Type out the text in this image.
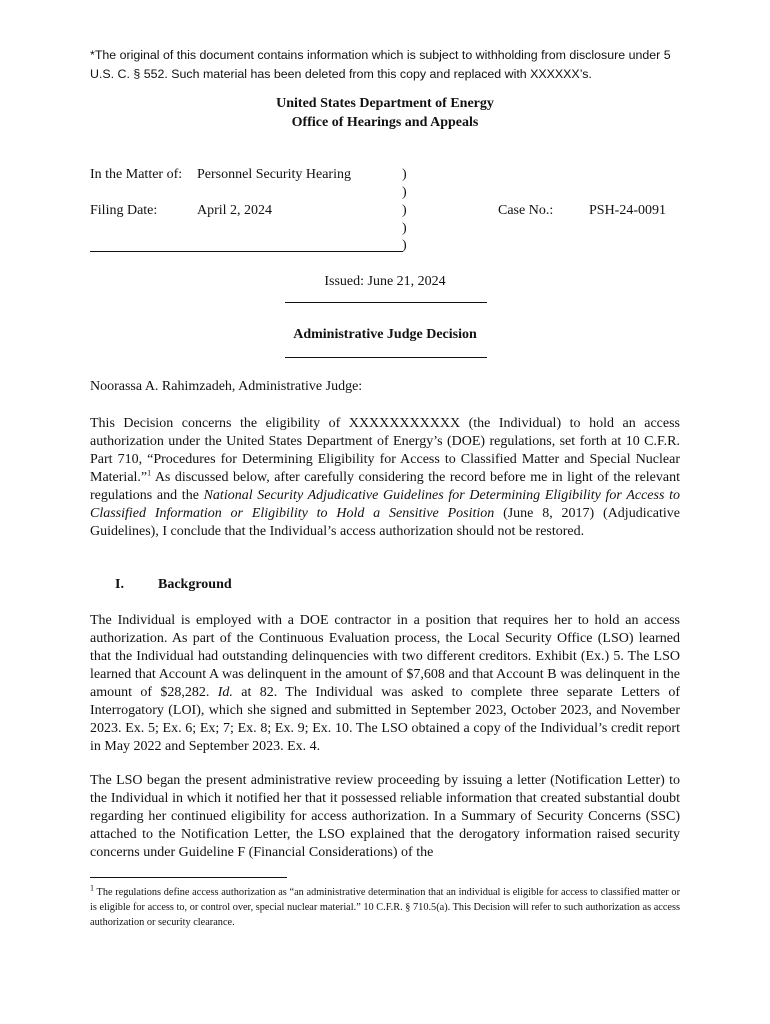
*The original of this document contains information which is subject to withholding from disclosure under 5 U.S. C. § 552. Such material has been deleted from this copy and replaced with XXXXXX’s.
United States Department of Energy
Office of Hearings and Appeals
In the Matter of: Personnel Security Hearing
Filing Date:	April 2, 2024	Case No.:	PSH-24-0091
)
)
)
)
)
Issued: June 21, 2024
Administrative Judge Decision
Noorassa A. Rahimzadeh, Administrative Judge:

This Decision concerns the eligibility of XXXXXXXXXXX (the Individual) to hold an access authorization under the United States Department of Energy’s (DOE) regulations, set forth at 10 C.F.R. Part 710, “Procedures for Determining Eligibility for Access to Classified Matter and Special Nuclear Material.”$^1$ As discussed below, after carefully considering the record before me in light of the relevant regulations and the National Security Adjudicative Guidelines for Determining Eligibility for Access to Classified Information or Eligibility to Hold a Sensitive Position (June 8, 2017) (Adjudicative Guidelines), I conclude that the Individual’s access authorization should not be restored.

I. Background

The Individual is employed with a DOE contractor in a position that requires her to hold an access authorization. As part of the Continuous Evaluation process, the Local Security Office (LSO) learned that the Individual had outstanding delinquencies with two different creditors. Exhibit (Ex.) 5. The LSO learned that Account A was delinquent in the amount of $7,608 and that Account B was delinquent in the amount of $28,282. Id. at 82. The Individual was asked to complete three separate Letters of Interrogatory (LOI), which she signed and submitted in September 2023, October 2023, and November 2023. Ex. 5; Ex. 6; Ex; 7; Ex. 8; Ex. 9; Ex. 10. The LSO obtained a copy of the Individual’s credit report in May 2022 and September 2023. Ex. 4.

The LSO began the present administrative review proceeding by issuing a letter (Notification Letter) to the Individual in which it notified her that it possessed reliable information that created substantial doubt regarding her continued eligibility for access authorization. In a Summary of Security Concerns (SSC) attached to the Notification Letter, the LSO explained that the derogatory information raised security concerns under Guideline F (Financial Considerations) of the

$^1$ The regulations define access authorization as “an administrative determination that an individual is eligible for access to classified matter or is eligible for access to, or control over, special nuclear material.” 10 C.F.R. § 710.5(a). This Decision will refer to such authorization as access authorization or security clearance.
